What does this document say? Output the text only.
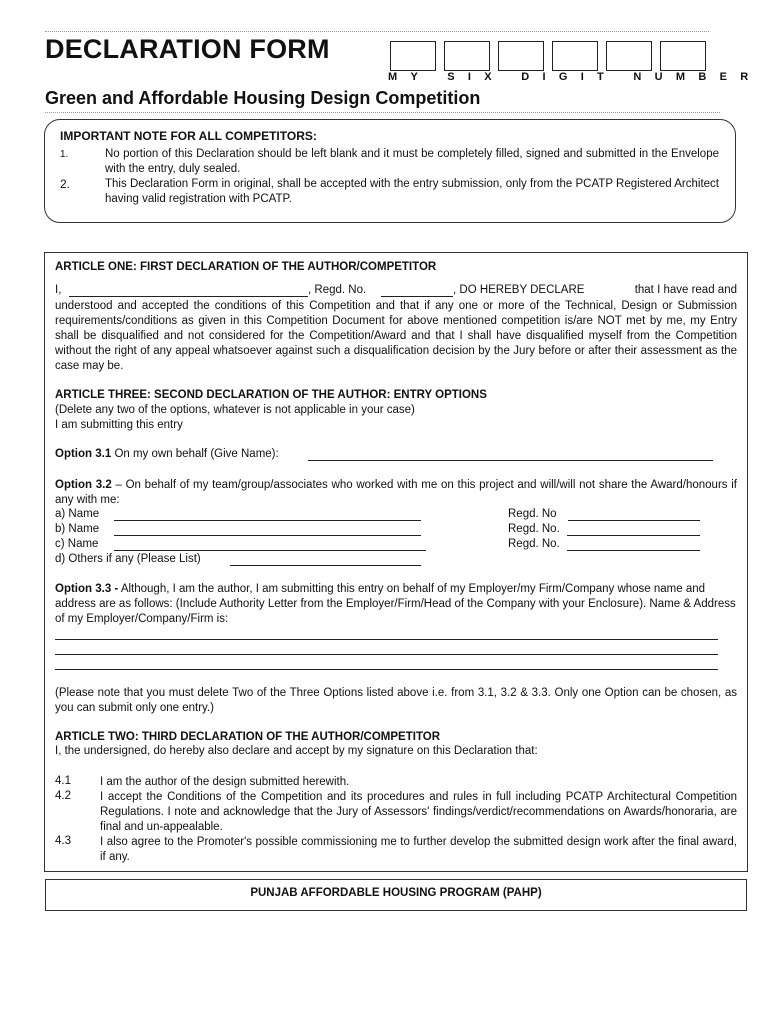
DECLARATION FORM
MY SIX DIGIT NUMBER
Green and Affordable Housing Design Competition
IMPORTANT NOTE FOR ALL COMPETITORS:
1.	No portion of this Declaration should be left blank and it must be completely filled, signed and submitted in the Envelope with the entry, duly sealed.
2.	This Declaration Form in original, shall be accepted with the entry submission, only from the PCATP Registered Architect having valid registration with PCATP.
ARTICLE ONE: FIRST DECLARATION OF THE AUTHOR/COMPETITOR
I,	, Regd. No.	, DO HEREBY DECLARE	that I have read and
understood and accepted the conditions of this Competition and that if any one or more of the Technical, Design or Submission requirements/conditions as given in this Competition Document for above mentioned competition is/are NOT met by me, my Entry shall be disqualified and not considered for the Competition/Award and that I shall have disqualified myself from the Competition without the right of any appeal whatsoever against such a disqualification decision by the Jury before or after their assessment as the case may be.
ARTICLE THREE: SECOND DECLARATION OF THE AUTHOR: ENTRY OPTIONS
(Delete any two of the options, whatever is not applicable in your case)
I am submitting this entry
Option 3.1 On my own behalf (Give Name):
Option 3.2 – On behalf of my team/group/associates who worked with me on this project and will/will not share the Award/honours if any with me:
a) Name	Regd. No
b) Name	Regd. No.
c) Name	Regd. No.
d) Others if any (Please List)
Option 3.3 - Although, I am the author, I am submitting this entry on behalf of my Employer/my Firm/Company whose name and address are as follows: (Include Authority Letter from the Employer/Firm/Head of the Company with your Enclosure). Name & Address of my Employer/Company/Firm is:
(Please note that you must delete Two of the Three Options listed above i.e. from 3.1, 3.2 & 3.3. Only one Option can be chosen, as you can submit only one entry.)
ARTICLE TWO: THIRD DECLARATION OF THE AUTHOR/COMPETITOR
I, the undersigned, do hereby also declare and accept by my signature on this Declaration that:
4.1	I am the author of the design submitted herewith.
4.2	I accept the Conditions of the Competition and its procedures and rules in full including PCATP Architectural Competition Regulations. I note and acknowledge that the Jury of Assessors' findings/verdict/recommendations on Awards/honoraria, are final and un-appealable.
4.3	I also agree to the Promoter's possible commissioning me to further develop the submitted design work after the final award, if any.
PUNJAB AFFORDABLE HOUSING PROGRAM (PAHP)
